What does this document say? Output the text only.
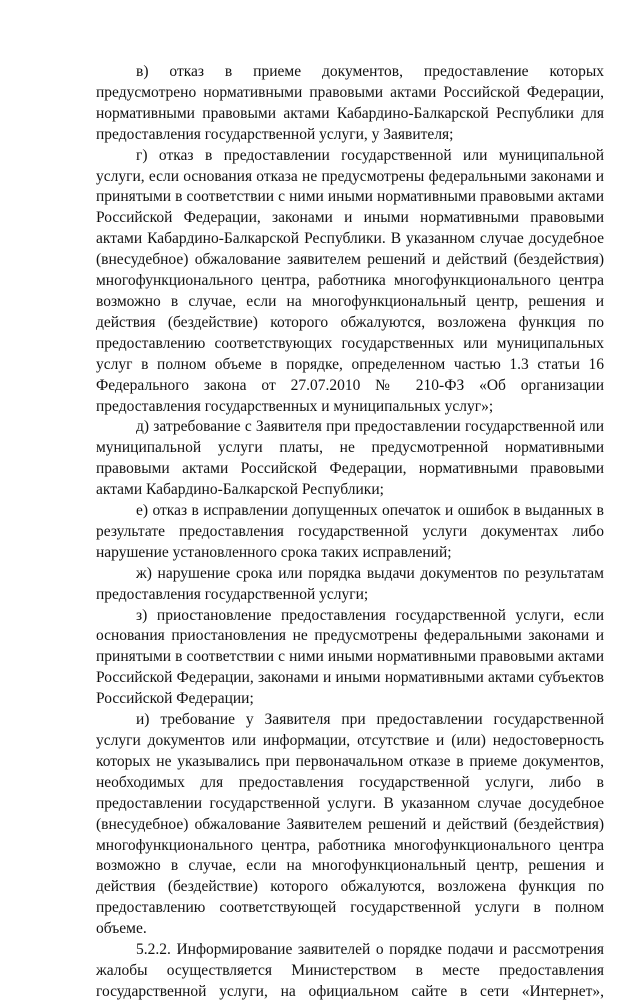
в) отказ в приеме документов, предоставление которых предусмотрено нормативными правовыми актами Российской Федерации, нормативными правовыми актами Кабардино-Балкарской Республики для предоставления государственной услуги, у Заявителя;

г) отказ в предоставлении государственной или муниципальной услуги, если основания отказа не предусмотрены федеральными законами и принятыми в соответствии с ними иными нормативными правовыми актами Российской Федерации, законами и иными нормативными правовыми актами Кабардино-Балкарской Республики. В указанном случае досудебное (внесудебное) обжалование заявителем решений и действий (бездействия) многофункционального центра, работника многофункционального центра возможно в случае, если на многофункциональный центр, решения и действия (бездействие) которого обжалуются, возложена функция по предоставлению соответствующих государственных или муниципальных услуг в полном объеме в порядке, определенном частью 1.3 статьи 16 Федерального закона от 27.07.2010 № 210-ФЗ «Об организации предоставления государственных и муниципальных услуг»;

д) затребование с Заявителя при предоставлении государственной или муниципальной услуги платы, не предусмотренной нормативными правовыми актами Российской Федерации, нормативными правовыми актами Кабардино-Балкарской Республики;

е) отказ в исправлении допущенных опечаток и ошибок в выданных в результате предоставления государственной услуги документах либо нарушение установленного срока таких исправлений;

ж) нарушение срока или порядка выдачи документов по результатам предоставления государственной услуги;

з) приостановление предоставления государственной услуги, если основания приостановления не предусмотрены федеральными законами и принятыми в соответствии с ними иными нормативными правовыми актами Российской Федерации, законами и иными нормативными актами субъектов Российской Федерации;

и) требование у Заявителя при предоставлении государственной услуги документов или информации, отсутствие и (или) недостоверность которых не указывались при первоначальном отказе в приеме документов, необходимых для предоставления государственной услуги, либо в предоставлении государственной услуги. В указанном случае досудебное (внесудебное) обжалование Заявителем решений и действий (бездействия) многофункционального центра, работника многофункционального центра возможно в случае, если на многофункциональный центр, решения и действия (бездействие) которого обжалуются, возложена функция по предоставлению соответствующей государственной услуги в полном объеме.

5.2.2. Информирование заявителей о порядке подачи и рассмотрения жалобы осуществляется Министерством в месте предоставления государственной услуги, на официальном сайте в сети «Интернет»,
